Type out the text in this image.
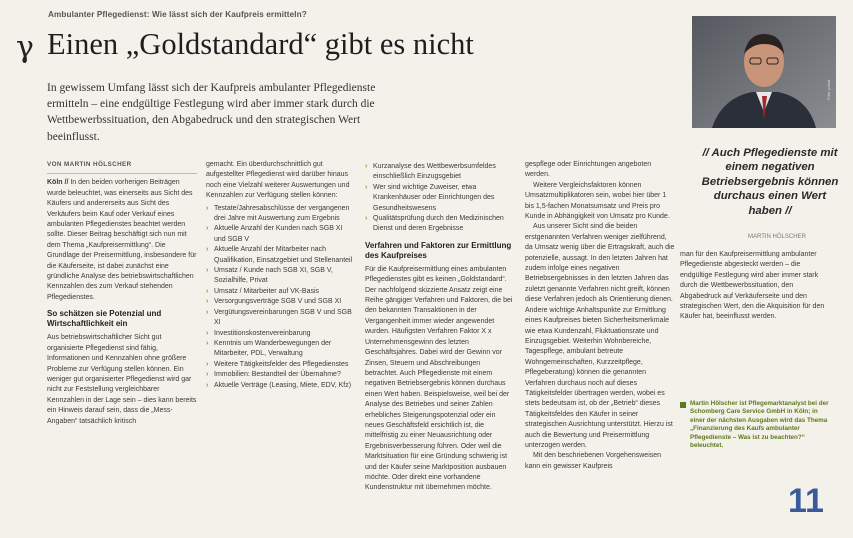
Ambulanter Pflegedienst: Wie lässt sich der Kaufpreis ermitteln?
γ Einen „Goldstandard“ gibt es nicht
In gewissem Umfang lässt sich der Kaufpreis ambulanter Pflegedienste ermitteln – eine endgültige Festlegung wird aber immer stark durch die Wettbewerbssituation, den Abgabedruck und den strategischen Wert beeinflusst.
VON MARTIN HÖLSCHER

Köln // In den beiden vorherigen Beiträgen wurde beleuchtet, was einerseits aus Sicht des Käufers und andererseits aus Sicht des Verkäufers beim Kauf oder Verkauf eines ambulanten Pflegedienstes beachtet werden sollte. Dieser Beitrag beschäftigt sich nun mit dem Thema „Kaufpreisermittlung“. Die Grundlage der Preisermittlung, insbesondere für die Käuferseite, ist dabei zunächst eine gründliche Analyse des betriebswirtschaftlichen Kennzahlen des zum Verkauf stehenden Pflegedienstes.

So schätzen sie Potenzial und Wirtschaftlichkeit ein

Aus betriebswirtschaftlicher Sicht gut organisierte Pflegedienst sind fähig, Informationen und Kennzahlen ohne größere Probleme zur Verfügung stellen können. Ein weniger gut organisierter Pflegedienst wird gar nicht zur Feststellung vergleichbarer Kennzahlen in der Lage sein – dies kann bereits ein Hinweis darauf sein, dass die „Mess-Angaben“ tatsächlich kritisch

gemacht. Ein überdurchschnittlich gut aufgestellter Pflegedienst wird darüber hinaus noch eine Vielzahl weiterer Auswertungen und Kennzahlen zur Verfügung stellen können:

› Testate/Jahresabschlüsse der vergangenen drei Jahre mit Auswertung zum Ergebnis
› Aktuelle Anzahl der Kunden nach SGB XI und SGB V
› Aktuelle Anzahl der Mitarbeiter nach Qualifikation, Einsatzgebiet und Stellenanteil
› Umsatz / Kunde nach SGB XI, SGB V, Sozialhilfe, Privat
› Umsatz / Mitarbeiter auf VK-Basis
› Versorgungsverträge SGB V und SGB XI
› Vergütungsvereinbarungen SGB V und SGB XI
› Investitionskostenvereinbarung
› Kenntnis um Wanderbewegungen der Mitarbeiter, PDL, Verwaltung
› Weitere Tätigkeitsfelder des Pflegedienstes
› Immobilien: Bestandteil der Übernahme?
› Aktuelle Verträge (Leasing, Miete, EDV, Kfz)
› Kurzanalyse des Wettbewerbsumfeldes einschließlich Einzugsgebiet
› Wer sind wichtige Zuweiser, etwa Krankenhäuser oder Einrichtungen des Gesundheitswesens
› Qualitätsprüfung durch den Medizinischen Dienst und deren Ergebnisse
Verfahren und Faktoren zur Ermittlung des Kaufpreises

Für die Kaufpreisermittlung eines ambulanten Pflegedienstes gibt es keinen „Goldstandard“. Der nachfolgend skizzierte Ansatz zeigt eine Reihe gängiger Verfahren und Faktoren, die bei den bekannten Transaktionen in der Vergangenheit immer wieder angewendet wurden. Häufigsten Verfahren Faktor X x Unternehmensgewinn des letzten Geschäftsjahres. Dabei wird der Gewinn vor Zinsen, Steuern und Abschreibungen betrachtet. Auch Pflegedienste mit einem negativen Betriebsergebnis können durchaus einen Wert haben. Beispielsweise, weil bei der Analyse des Betriebes und seiner Zahlen erhebliches Steigerungspotenzial oder ein neues Geschäftsfeld ersichtlich ist, die mittelfristig zu einer Neuausrichtung oder Ergebnisverbesserung führen. Oder weil die Marktsituation für eine Gründung schwierig ist und der Käufer seine Marktposition ausbauen möchte. Oder direkt eine vorhandene Kundenstruktur mit übernehmen möchte.

gespflege oder Einrichtungen angeboten werden.

Weitere Vergleichsfaktoren können Umsatzmultiplikatoren sein, wobei hier über 1 bis 1,5-fachen Monatsumsatz und Preis pro Kunde in Abhängigkeit von Umsatz pro Kunde.

Aus unserer Sicht sind die beiden erstgenannten Verfahren weniger zielführend, da Umsatz wenig über die Ertragskraft, auch die potenzielle, aussagt. In den letzten Jahren hat zudem infolge eines negativen Betriebsergebnisses in den letzten Jahren das zuletzt genannte Verfahren nicht greift, können diese Verfahren jedoch als Orientierung dienen. Andere wichtige Anhaltspunkte zur Ermittlung eines Kaufpreises bieten Sicherheitsmerkmale wie etwa Kundenzahl, Fluktuationsrate und Einzugsgebiet. Weiterhin Wohnbereiche, Tagespflege, ambulant betreute Wohngemeinschaften, Kurzzeitpflege, Pflegeberatung) können die genannten Verfahren durchaus noch auf dieses Tätigkeitsfelder übertragen werden, wobei es stets bedeutsam ist, ob der „Betrieb“ dieses Tätigkeitsfeldes den Käufer in seiner strategischen Ausrichtung unterstützt. Hierzu ist auch die Bewertung und Preisermittlung unterzogen werden.

Mit den beschriebenen Vorgehensweisen kann ein gewisser Kaufpreis

Foto: privat
// Auch Pflegedienste mit einem negativen Betriebsergebnis können durchaus einen Wert haben //
MARTIN HÖLSCHER

man für den Kaufpreisermittlung ambulanter Pflegedienste abgesteckt werden – die endgültige Festlegung wird aber immer stark durch die Wettbewerbssituation, den Abgabedruck auf Verkäuferseite und den strategischen Wert, den die Akquisition für den Käufer hat, beeinflusst werden.

Martin Hölscher ist Pflegemarktanalyst bei der Schomberg Care Service GmbH in Köln; in einer der nächsten Ausgaben wird das Thema „Finanzierung des Kaufs ambulanter Pflegedienste – Was ist zu beachten?“ beleuchtet.
11
